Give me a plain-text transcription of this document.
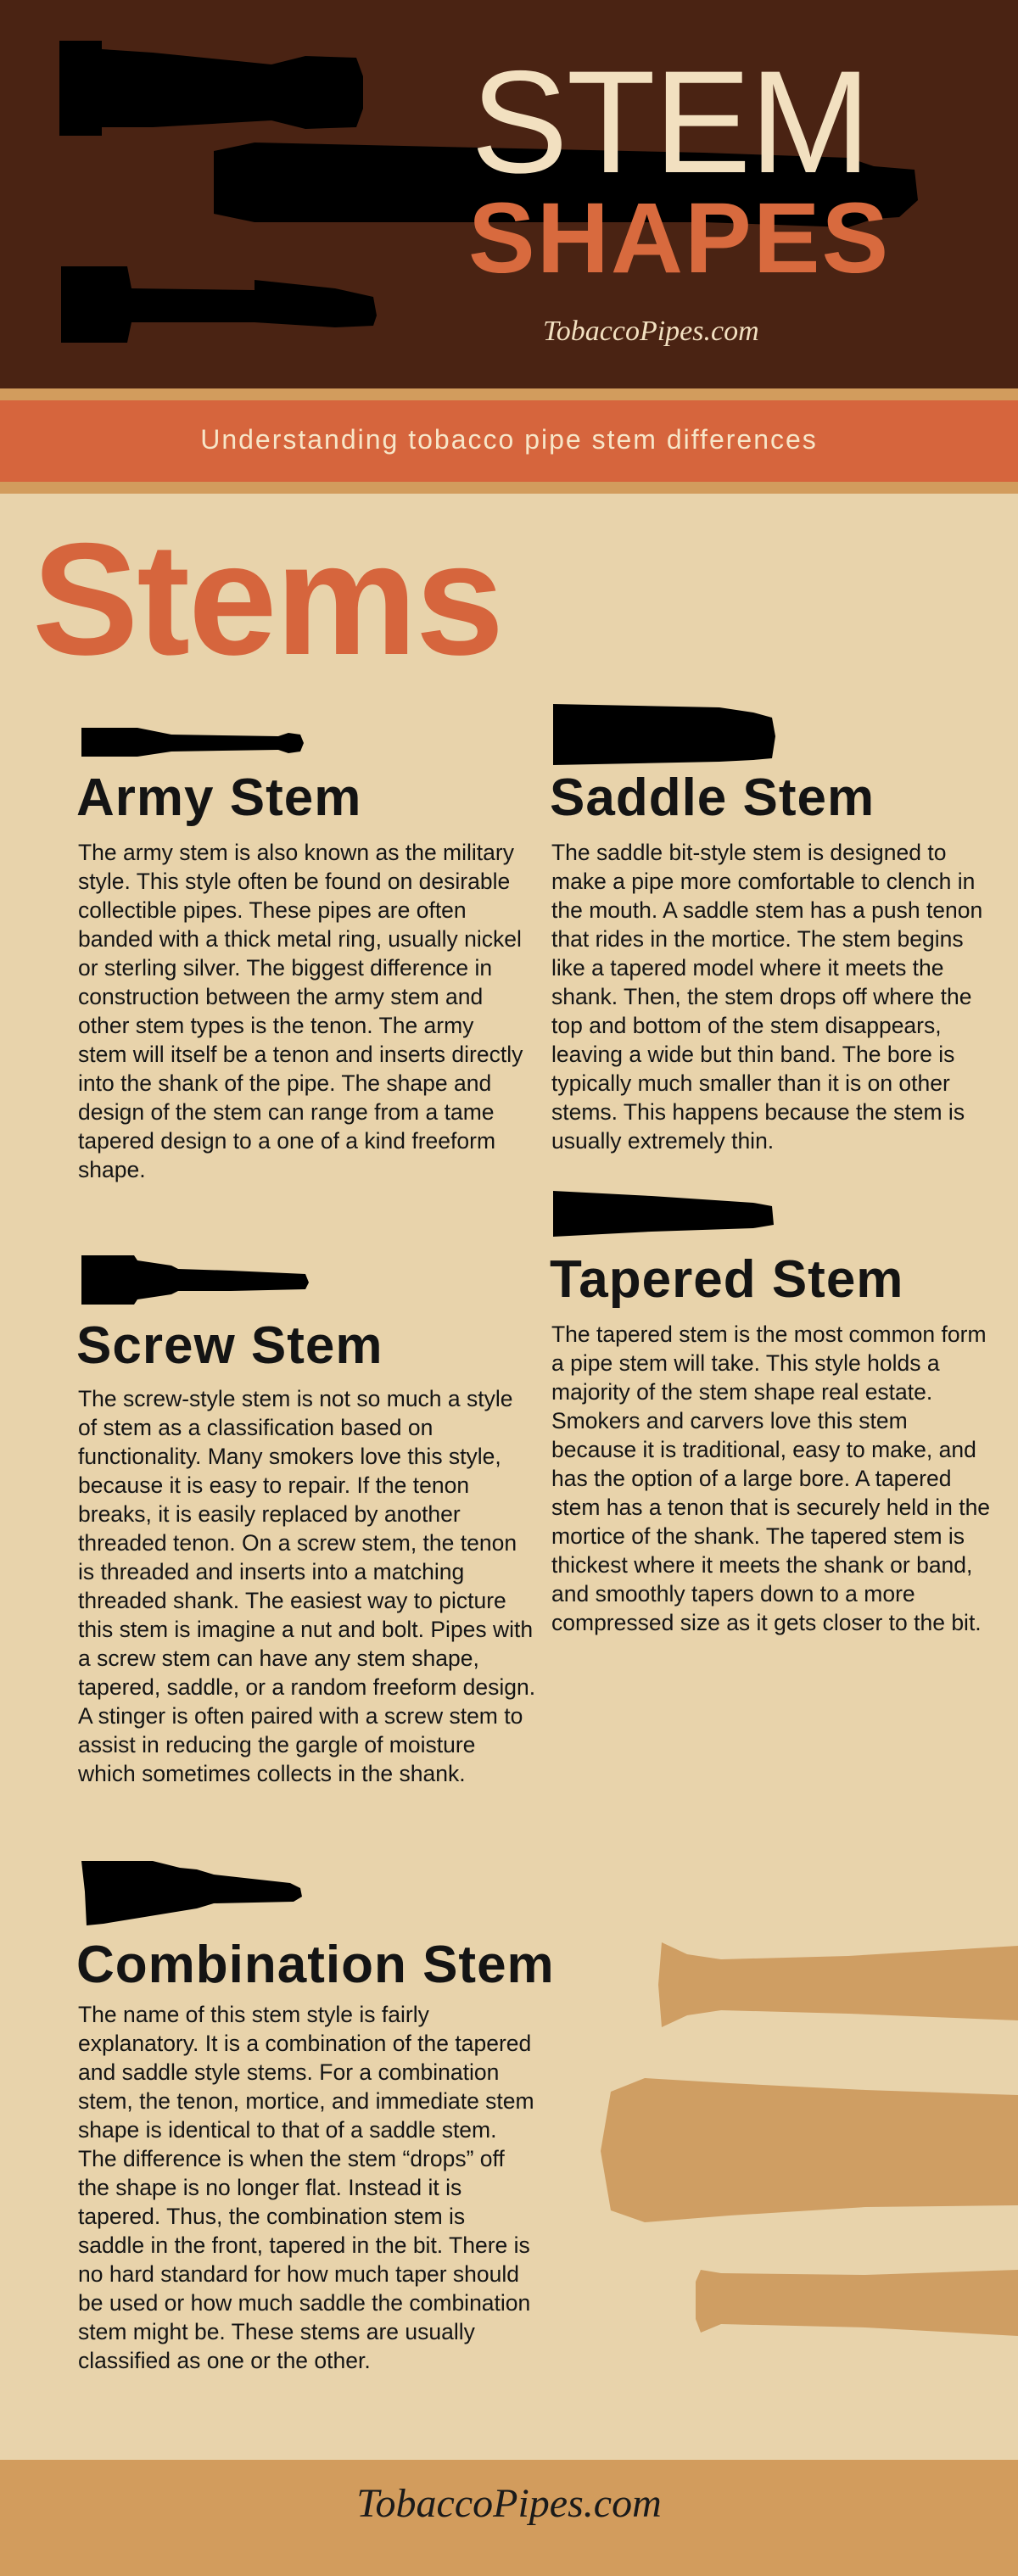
STEM
SHAPES
TobaccoPipes.com
Understanding tobacco pipe stem differences
Stems
Army Stem
The army stem is also known as the military style. This style often be found on desirable collectible pipes. These pipes are often banded with a thick metal ring, usually nickel or sterling silver. The biggest difference in construction between the army stem and other stem types is the tenon. The army stem will itself be a tenon and inserts directly into the shank of the pipe. The shape and design of the stem can range from a tame tapered design to a one of a kind freeform shape.
Saddle Stem
The saddle bit-style stem is designed to make a pipe more comfortable to clench in the mouth. A saddle stem has a push tenon that rides in the mortice. The stem begins like a tapered model where it meets the shank. Then, the stem drops off where the top and bottom of the stem disappears, leaving a wide but thin band. The bore is typically much smaller than it is on other stems. This happens because the stem is usually extremely thin.
Screw Stem
The screw-style stem is not so much a style of stem as a classification based on functionality. Many smokers love this style, because it is easy to repair. If the tenon breaks, it is easily replaced by another threaded tenon. On a screw stem, the tenon is threaded and inserts into a matching threaded shank. The easiest way to picture this stem is imagine a nut and bolt. Pipes with a screw stem can have any stem shape, tapered, saddle, or a random freeform design. A stinger is often paired with a screw stem to assist in reducing the gargle of moisture which sometimes collects in the shank.
Tapered Stem
The tapered stem is the most common form a pipe stem will take. This style holds a majority of the stem shape real estate. Smokers and carvers love this stem because it is traditional, easy to make, and has the option of a large bore. A tapered stem has a tenon that is securely held in the mortice of the shank. The tapered stem is thickest where it meets the shank or band, and smoothly tapers down to a more compressed size as it gets closer to the bit.
Combination Stem
The name of this stem style is fairly explanatory. It is a combination of the tapered and saddle style stems. For a combination stem, the tenon, mortice, and immediate stem shape is identical to that of a saddle stem. The difference is when the stem “drops” off the shape is no longer flat. Instead it is tapered. Thus, the combination stem is saddle in the front, tapered in the bit. There is no hard standard for how much taper should be used or how much saddle the combination stem might be. These stems are usually classified as one or the other.
TobaccoPipes.com
